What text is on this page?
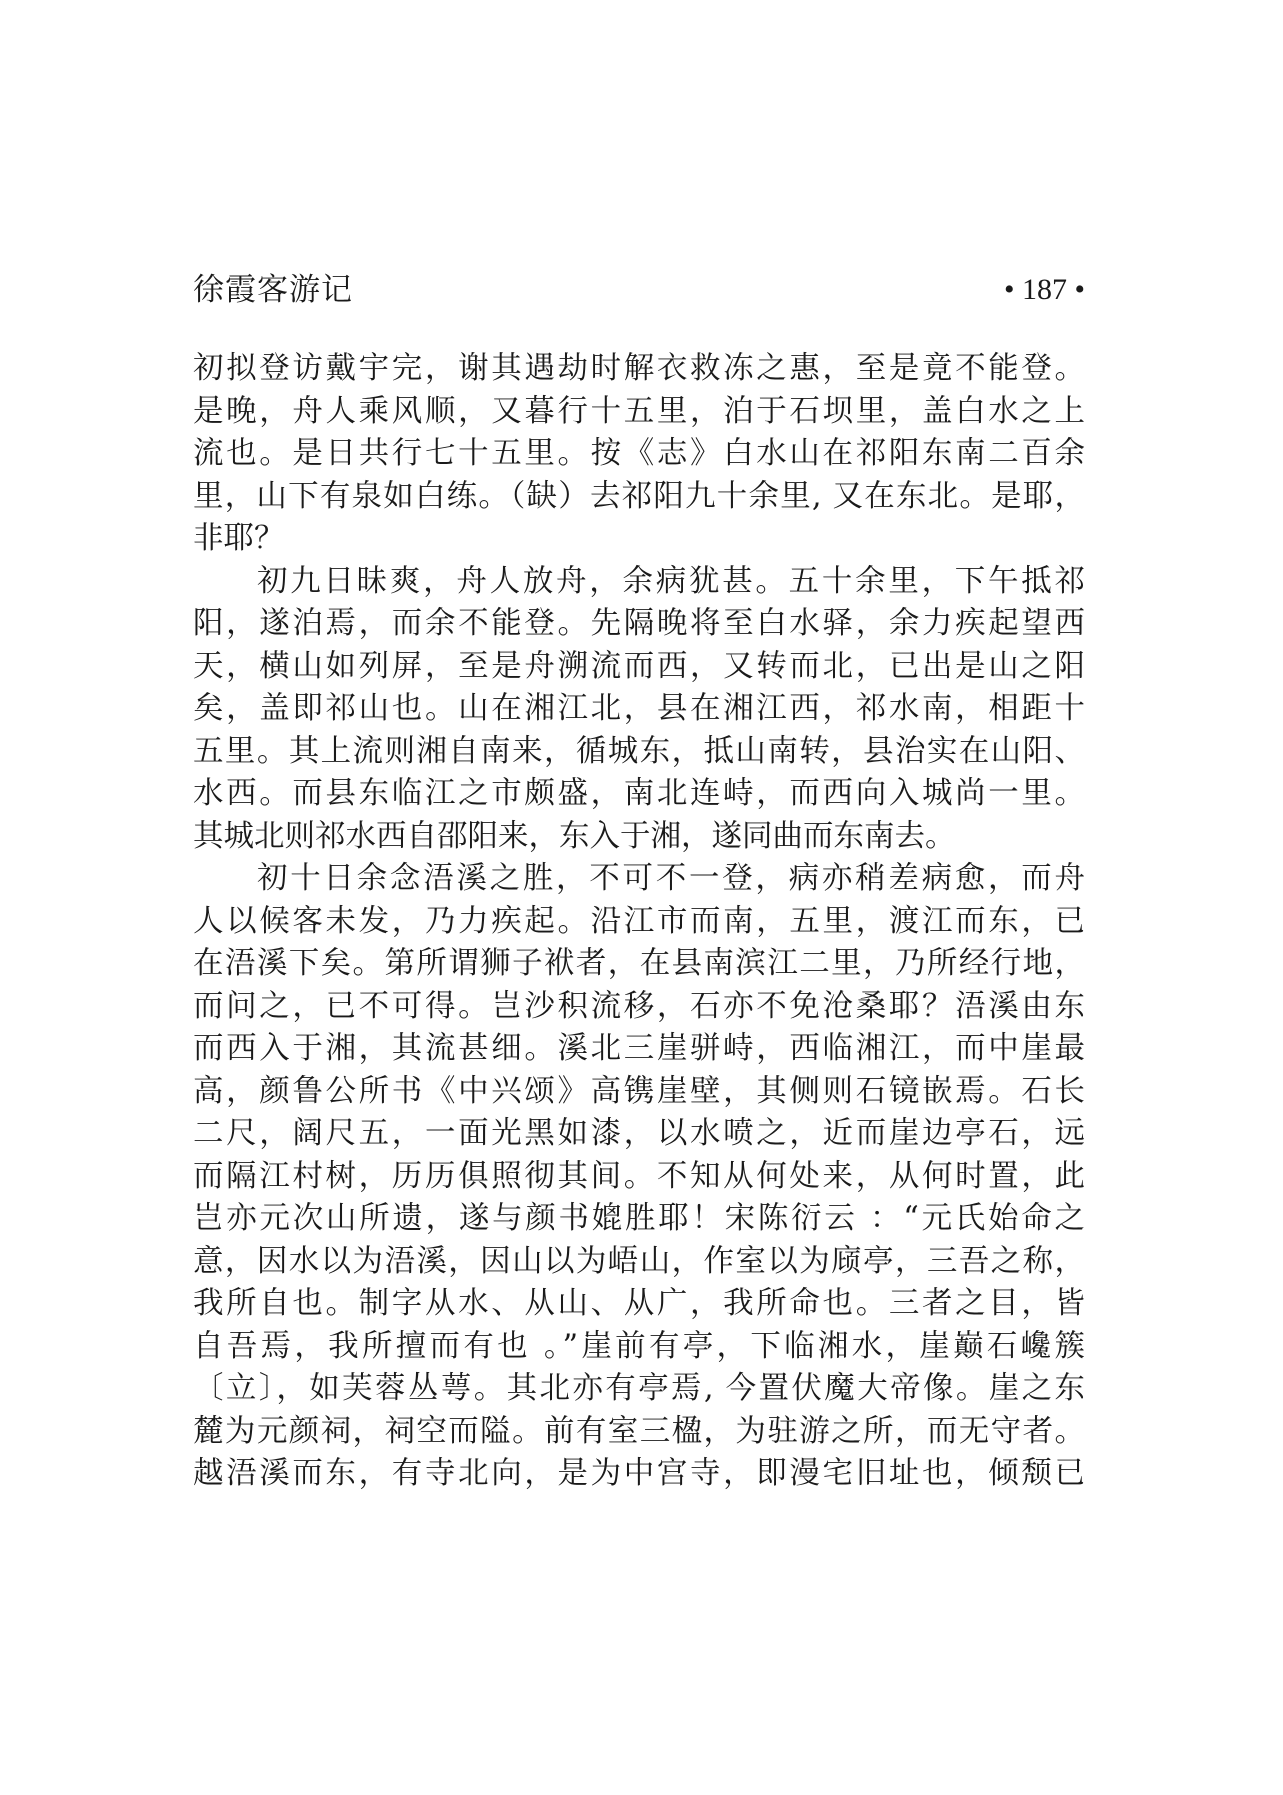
徐霞客游记	• 187 •
初拟登访戴宇完，谢其遇劫时解衣救冻之惠，至是竟不能登。
是晚，舟人乘风顺，又暮行十五里，泊于石坝里，盖白水之上
流也。是日共行七十五里。按《志》白水山在祁阳东南二百余
里，山下有泉如白练。（缺）去祁阳九十余里, 又在东北。是耶，
非耶？
初九日昧爽，舟人放舟，余病犹甚。五十余里，下午抵祁
阳，遂泊焉，而余不能登。先隔晚将至白水驿，余力疾起望西
天，横山如列屏，至是舟溯流而西，又转而北，已出是山之阳
矣，盖即祁山也。山在湘江北，县在湘江西，祁水南，相距十
五里。其上流则湘自南来，循城东，抵山南转，县治实在山阳、
水西。而县东临江之市颇盛，南北连峙，而西向入城尚一里。
其城北则祁水西自邵阳来，东入于湘，遂同曲而东南去。
初十日余念浯溪之胜，不可不一登，病亦稍差病愈，而舟
人以候客未发，乃力疾起。沿江市而南，五里，渡江而东，已
在浯溪下矣。第所谓狮子袱者，在县南滨江二里，乃所经行地，
而问之，已不可得。岂沙积流移，石亦不免沧桑耶？浯溪由东
而西入于湘，其流甚细。溪北三崖骈峙，西临湘江，而中崖最
高，颜鲁公所书《中兴颂》高镌崖壁，其侧则石镜嵌焉。石长
二尺，阔尺五，一面光黑如漆，以水喷之，近而崖边亭石，远
而隔江村树，历历俱照彻其间。不知从何处来，从何时置，此
岂亦元次山所遗，遂与颜书媲胜耶！宋陈衍云 ：“元氏始命之
意，因水以为浯溪，因山以为峿山，作室以为庼亭，三吾之称，
我所自也。制字从水、从山、从广，我所命也。三者之目，皆
自吾焉，我所擅而有也 。”崖前有亭，下临湘水，崖巅石巉簇
〔立〕，如芙蓉丛萼。其北亦有亭焉, 今置伏魔大帝像。崖之东
麓为元颜祠，祠空而隘。前有室三楹，为驻游之所，而无守者。
越浯溪而东，有寺北向，是为中宫寺，即漫宅旧址也，倾颓已
